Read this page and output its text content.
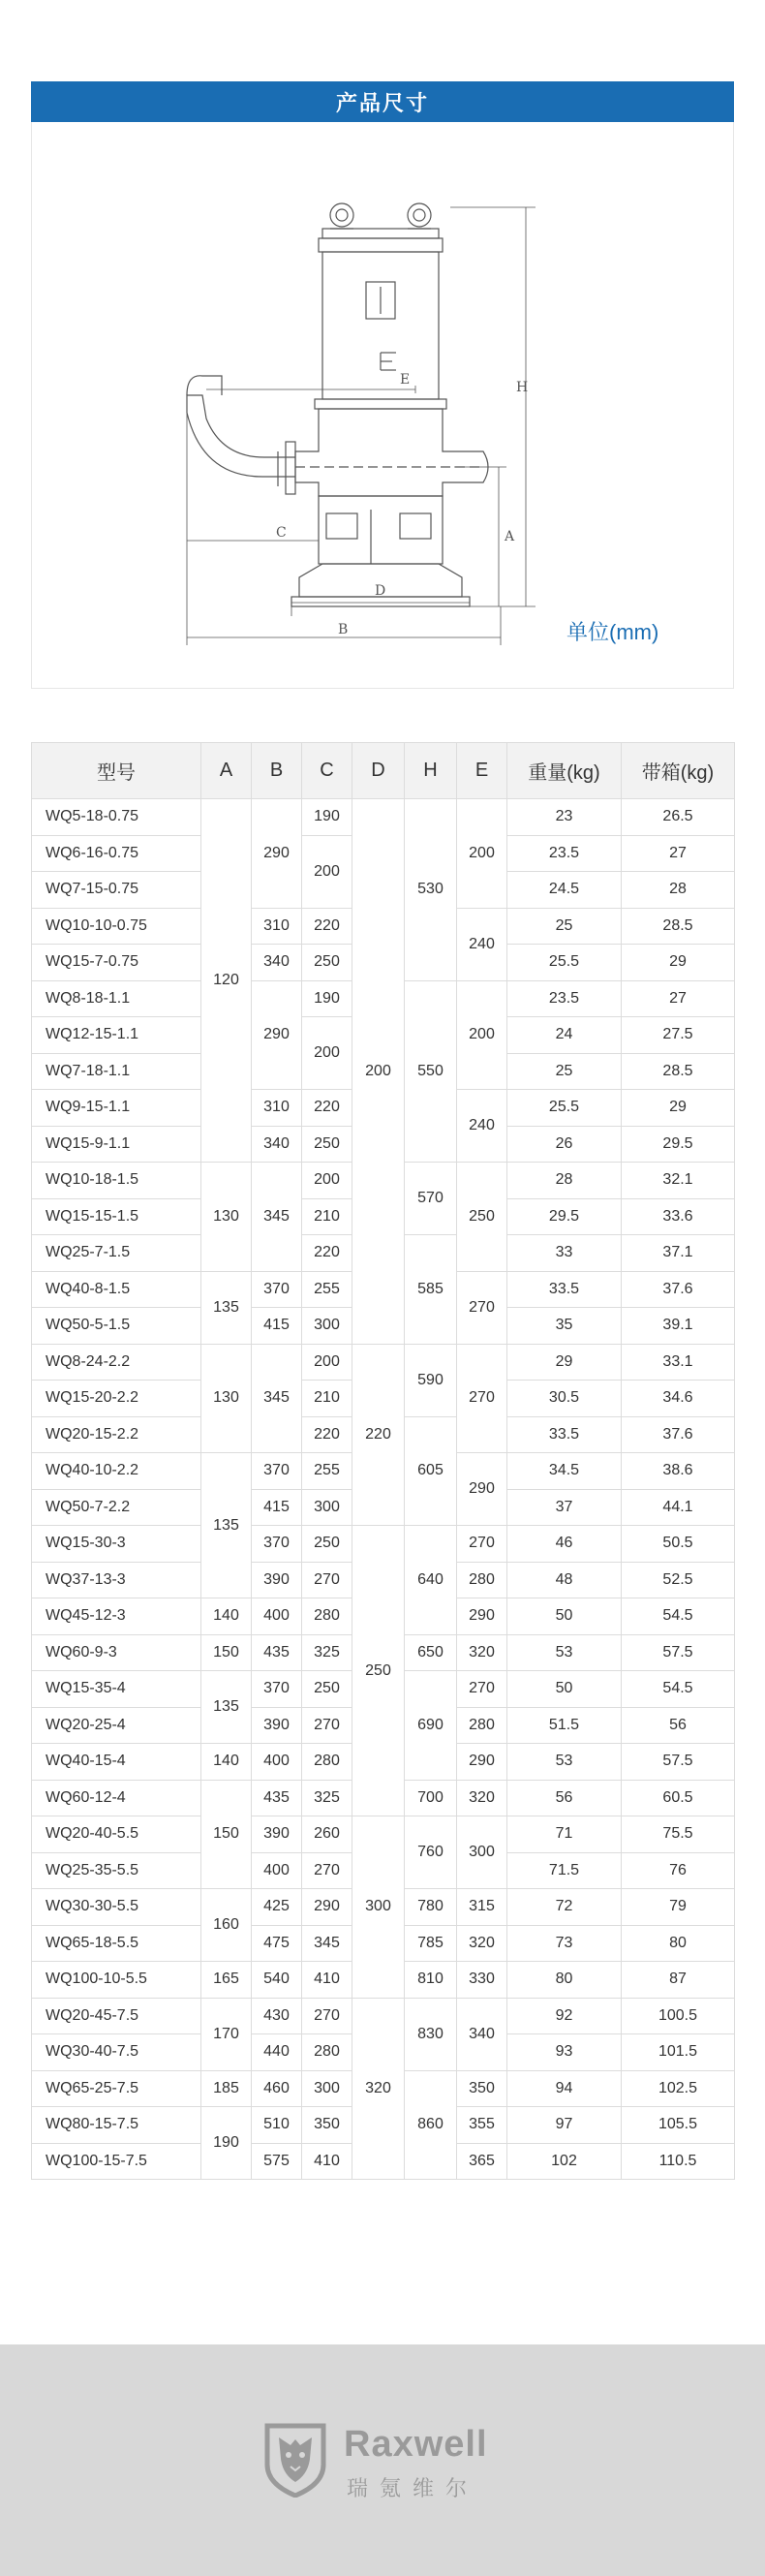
产品尺寸
H
E
A
C
D
B	单位(mm)
型号	A	B	C	D	H	E	重量(kg)	带箱(kg)
WQ5-18-0.75	120	290	190	200	530	200	23	26.5
WQ6-16-0.75			200				23.5	27
WQ7-15-0.75							24.5	28
WQ10-10-0.75		310	220			240	25	28.5
WQ15-7-0.75		340	250				25.5	29
WQ8-18-1.1		290	190		550	200	23.5	27
WQ12-15-1.1			200				24	27.5
WQ7-18-1.1							25	28.5
WQ9-15-1.1		310	220			240	25.5	29
WQ15-9-1.1		340	250				26	29.5
WQ10-18-1.5	130	345	200		570	250	28	32.1
WQ15-15-1.5			210				29.5	33.6
WQ25-7-1.5			220		585		33	37.1
WQ40-8-1.5	135	370	255			270	33.5	37.6
WQ50-5-1.5		415	300				35	39.1
WQ8-24-2.2	130	345	200	220	590	270	29	33.1
WQ15-20-2.2			210				30.5	34.6
WQ20-15-2.2			220		605		33.5	37.6
WQ40-10-2.2	135	370	255			290	34.5	38.6
WQ50-7-2.2		415	300				37	44.1
WQ15-30-3		370	250	250	640	270	46	50.5
WQ37-13-3		390	270			280	48	52.5
WQ45-12-3	140	400	280			290	50	54.5
WQ60-9-3	150	435	325		650	320	53	57.5
WQ15-35-4	135	370	250		690	270	50	54.5
WQ20-25-4		390	270			280	51.5	56
WQ40-15-4	140	400	280			290	53	57.5
WQ60-12-4	150	435	325		700	320	56	60.5
WQ20-40-5.5		390	260	300	760	300	71	75.5
WQ25-35-5.5		400	270				71.5	76
WQ30-30-5.5	160	425	290		780	315	72	79
WQ65-18-5.5		475	345		785	320	73	80
WQ100-10-5.5	165	540	410		810	330	80	87
WQ20-45-7.5	170	430	270	320	830	340	92	100.5
WQ30-40-7.5		440	280				93	101.5
WQ65-25-7.5	185	460	300		860	350	94	102.5
WQ80-15-7.5	190	510	350			355	97	105.5
WQ100-15-7.5		575	410			365	102	110.5
Raxwell
瑞氪维尔
